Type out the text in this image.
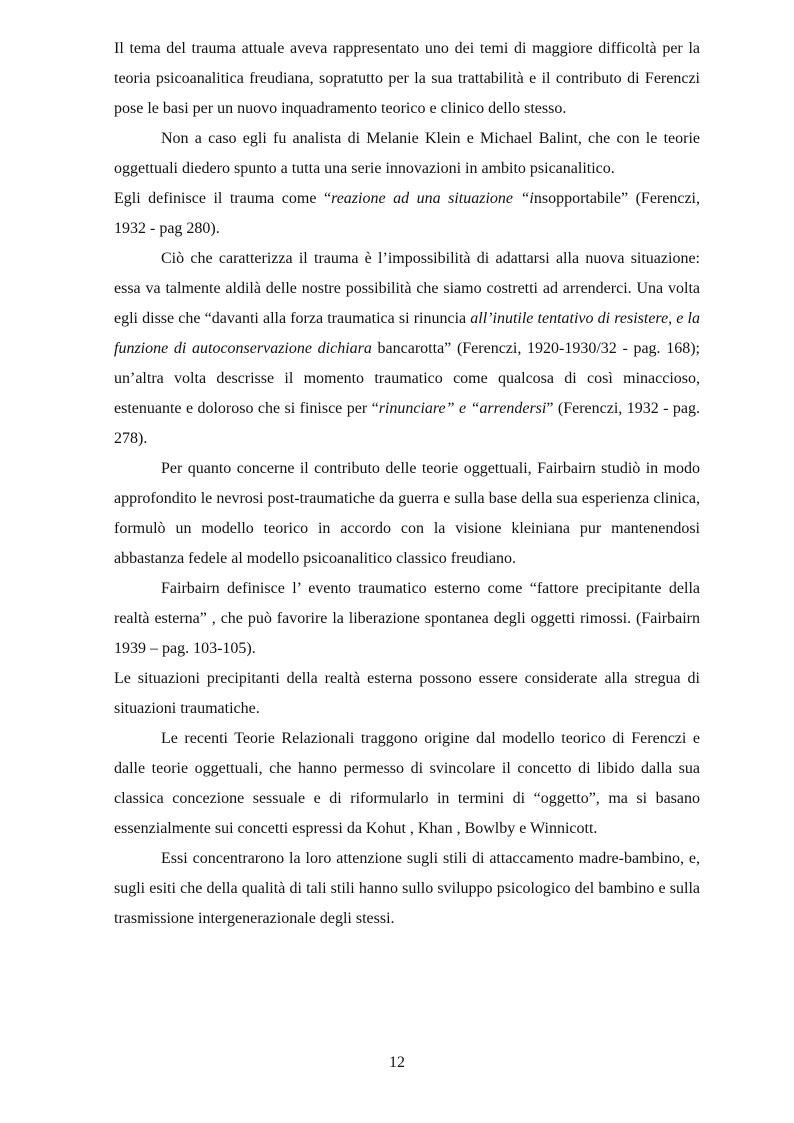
Il tema del trauma attuale aveva rappresentato uno dei temi di maggiore difficoltà per la teoria psicoanalitica freudiana, sopratutto per la sua trattabilità e il contributo di Ferenczi pose le basi per un nuovo inquadramento teorico e clinico dello stesso.

Non a caso egli fu analista di Melanie Klein e Michael Balint, che con le teorie oggettuali diedero spunto a tutta una serie innovazioni in ambito psicanalitico.

Egli definisce il trauma come “reazione ad una situazione “insopportabile” (Ferenczi, 1932 - pag 280).

Ciò che caratterizza il trauma è l’impossibilità di adattarsi alla nuova situazione: essa va talmente aldilà delle nostre possibilità che siamo costretti ad arrenderci. Una volta egli disse che “davanti alla forza traumatica si rinuncia all’inutile tentativo di resistere, e la funzione di autoconservazione dichiara bancarotta” (Ferenczi, 1920-1930/32 - pag. 168); un’altra volta descrisse il momento traumatico come qualcosa di così minaccioso, estenuante e doloroso che si finisce per “rinunciare” e “arrendersi” (Ferenczi, 1932 - pag. 278).

Per quanto concerne il contributo delle teorie oggettuali, Fairbairn studiò in modo approfondito le nevrosi post-traumatiche da guerra e sulla base della sua esperienza clinica, formulò un modello teorico in accordo con la visione kleiniana pur mantenendosi abbastanza fedele al modello psicoanalitico classico freudiano.

Fairbairn definisce l’ evento traumatico esterno come “fattore precipitante della realtà esterna” , che può favorire la liberazione spontanea degli oggetti rimossi. (Fairbairn 1939 – pag. 103-105).

Le situazioni precipitanti della realtà esterna possono essere considerate alla stregua di situazioni traumatiche.

Le recenti Teorie Relazionali traggono origine dal modello teorico di Ferenczi e dalle teorie oggettuali, che hanno permesso di svincolare il concetto di libido dalla sua classica concezione sessuale e di riformularlo in termini di “oggetto”, ma si basano essenzialmente sui concetti espressi da Kohut , Khan , Bowlby e Winnicott.

Essi concentrarono la loro attenzione sugli stili di attaccamento madre-bambino, e, sugli esiti che della qualità di tali stili hanno sullo sviluppo psicologico del bambino e sulla trasmissione intergenerazionale degli stessi.

12
